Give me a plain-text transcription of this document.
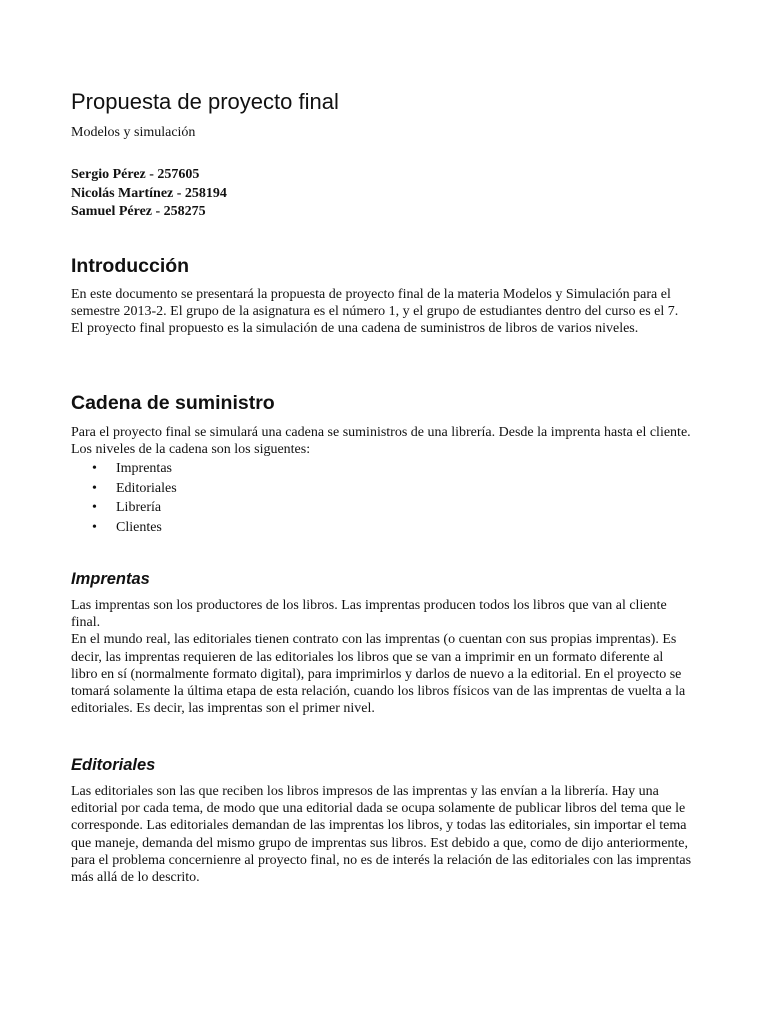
Propuesta de proyecto final

Modelos y simulación

Sergio Pérez - 257605
Nicolás Martínez - 258194
Samuel Pérez - 258275
Introducción

En este documento se presentará la propuesta de proyecto final de la materia Modelos y Simulación para el semestre 2013-2. El grupo de la asignatura es el número 1, y el grupo de estudiantes dentro del curso es el 7.

El proyecto final propuesto es la simulación de una cadena de suministros de libros de varios niveles.

Cadena de suministro

Para el proyecto final se simulará una cadena se suministros de una librería. Desde la imprenta hasta el cliente. Los niveles de la cadena son los siguentes:

• Imprentas
• Editoriales
• Librería
• Clientes
Imprentas

Las imprentas son los productores de los libros. Las imprentas producen todos los libros que van al cliente final.

En el mundo real, las editoriales tienen contrato con las imprentas (o cuentan con sus propias imprentas). Es decir, las imprentas requieren de las editoriales los libros que se van a imprimir en un formato diferente al libro en sí (normalmente formato digital), para imprimirlos y darlos de nuevo a la editorial. En el proyecto se tomará solamente la última etapa de esta relación, cuando los libros físicos van de las imprentas de vuelta a la editoriales. Es decir, las imprentas son el primer nivel.

Editoriales

Las editoriales son las que reciben los libros impresos de las imprentas y las envían a la librería. Hay una editorial por cada tema, de modo que una editorial dada se ocupa solamente de publicar libros del tema que le corresponde. Las editoriales demandan de las imprentas los libros, y todas las editoriales, sin importar el tema que maneje, demanda del mismo grupo de imprentas sus libros. Est debido a que, como de dijo anteriormente, para el problema concernienre al proyecto final, no es de interés la relación de las editoriales con las imprentas más allá de lo descrito.
